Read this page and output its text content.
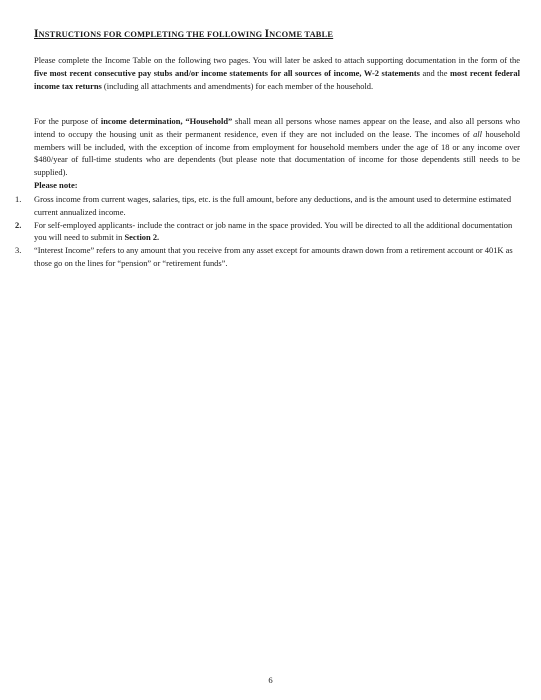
INSTRUCTIONS FOR COMPLETING THE FOLLOWING INCOME TABLE
Please complete the Income Table on the following two pages. You will later be asked to attach supporting documentation in the form of the five most recent consecutive pay stubs and/or income statements for all sources of income, W-2 statements and the most recent federal income tax returns (including all attachments and amendments) for each member of the household.
For the purpose of income determination, “Household” shall mean all persons whose names appear on the lease, and also all persons who intend to occupy the housing unit as their permanent residence, even if they are not included on the lease. The incomes of all household members will be included, with the exception of income from employment for household members under the age of 18 or any income over $480/year of full-time students who are dependents (but please note that documentation of income for those dependents still needs to be supplied).
Please note:
1.	Gross income from current wages, salaries, tips, etc. is the full amount, before any deductions, and is the amount used to determine estimated current annualized income.
2.	For self-employed applicants- include the contract or job name in the space provided. You will be directed to all the additional documentation you will need to submit in Section 2.
3.	“Interest Income” refers to any amount that you receive from any asset except for amounts drawn down from a retirement account or 401K as those go on the lines for “pension” or “retirement funds”.
6
